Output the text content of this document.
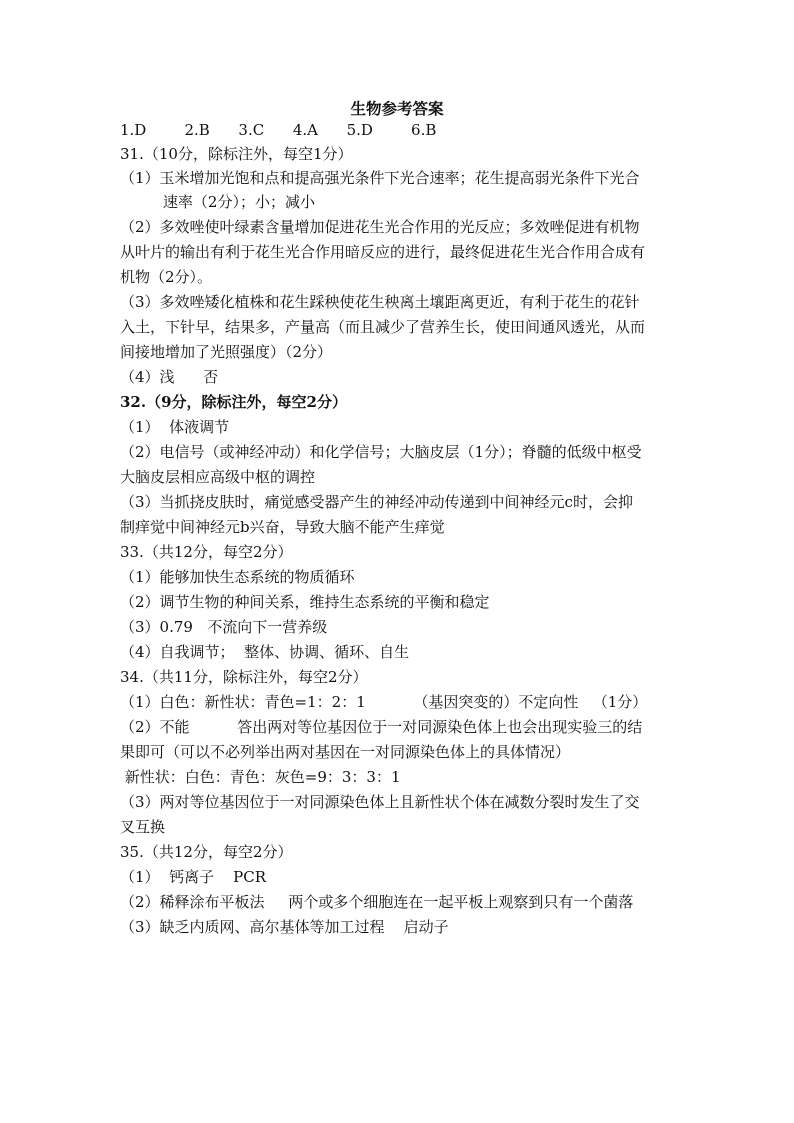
生物参考答案
1.D        2.B      3.C      4.A      5.D        6.B
31.（10分，除标注外，每空1分）
（1）玉米增加光饱和点和提高强光条件下光合速率；花生提高弱光条件下光合
速率（2分）；小；减小
（2）多效唑使叶绿素含量增加促进花生光合作用的光反应；多效唑促进有机物
从叶片的输出有利于花生光合作用暗反应的进行，最终促进花生光合作用合成有
机物（2分）。
（3）多效唑矮化植株和花生踩秧使花生秧离土壤距离更近，有利于花生的花针
入土，下针早，结果多，产量高（而且减少了营养生长，使田间通风透光，从而
间接地增加了光照强度）（2分）
（4）浅      否
32.（9分，除标注外，每空2分）
（1）  体液调节
（2）电信号（或神经冲动）和化学信号；大脑皮层（1分）；脊髓的低级中枢受
大脑皮层相应高级中枢的调控
（3）当抓挠皮肤时，痛觉感受器产生的神经冲动传递到中间神经元c时，会抑
制痒觉中间神经元b兴奋，导致大脑不能产生痒觉
33.（共12分，每空2分）
（1）能够加快生态系统的物质循环
（2）调节生物的种间关系，维持生态系统的平衡和稳定
（3）0.79   不流向下一营养级
（4）自我调节；  整体、协调、循环、自生
34.（共11分，除标注外，每空2分）
（1）白色：新性状：青色=1：2：1          （基因突变的）不定向性   （1分）
（2）不能          答出两对等位基因位于一对同源染色体上也会出现实验三的结
果即可（可以不必列举出两对基因在一对同源染色体上的具体情况）
新性状：白色：青色：灰色=9：3：3：1
（3）两对等位基因位于一对同源染色体上且新性状个体在减数分裂时发生了交
叉互换
35.（共12分，每空2分）
（1）  钙离子    PCR
（2）稀释涂布平板法     两个或多个细胞连在一起平板上观察到只有一个菌落
（3）缺乏内质网、高尔基体等加工过程    启动子
